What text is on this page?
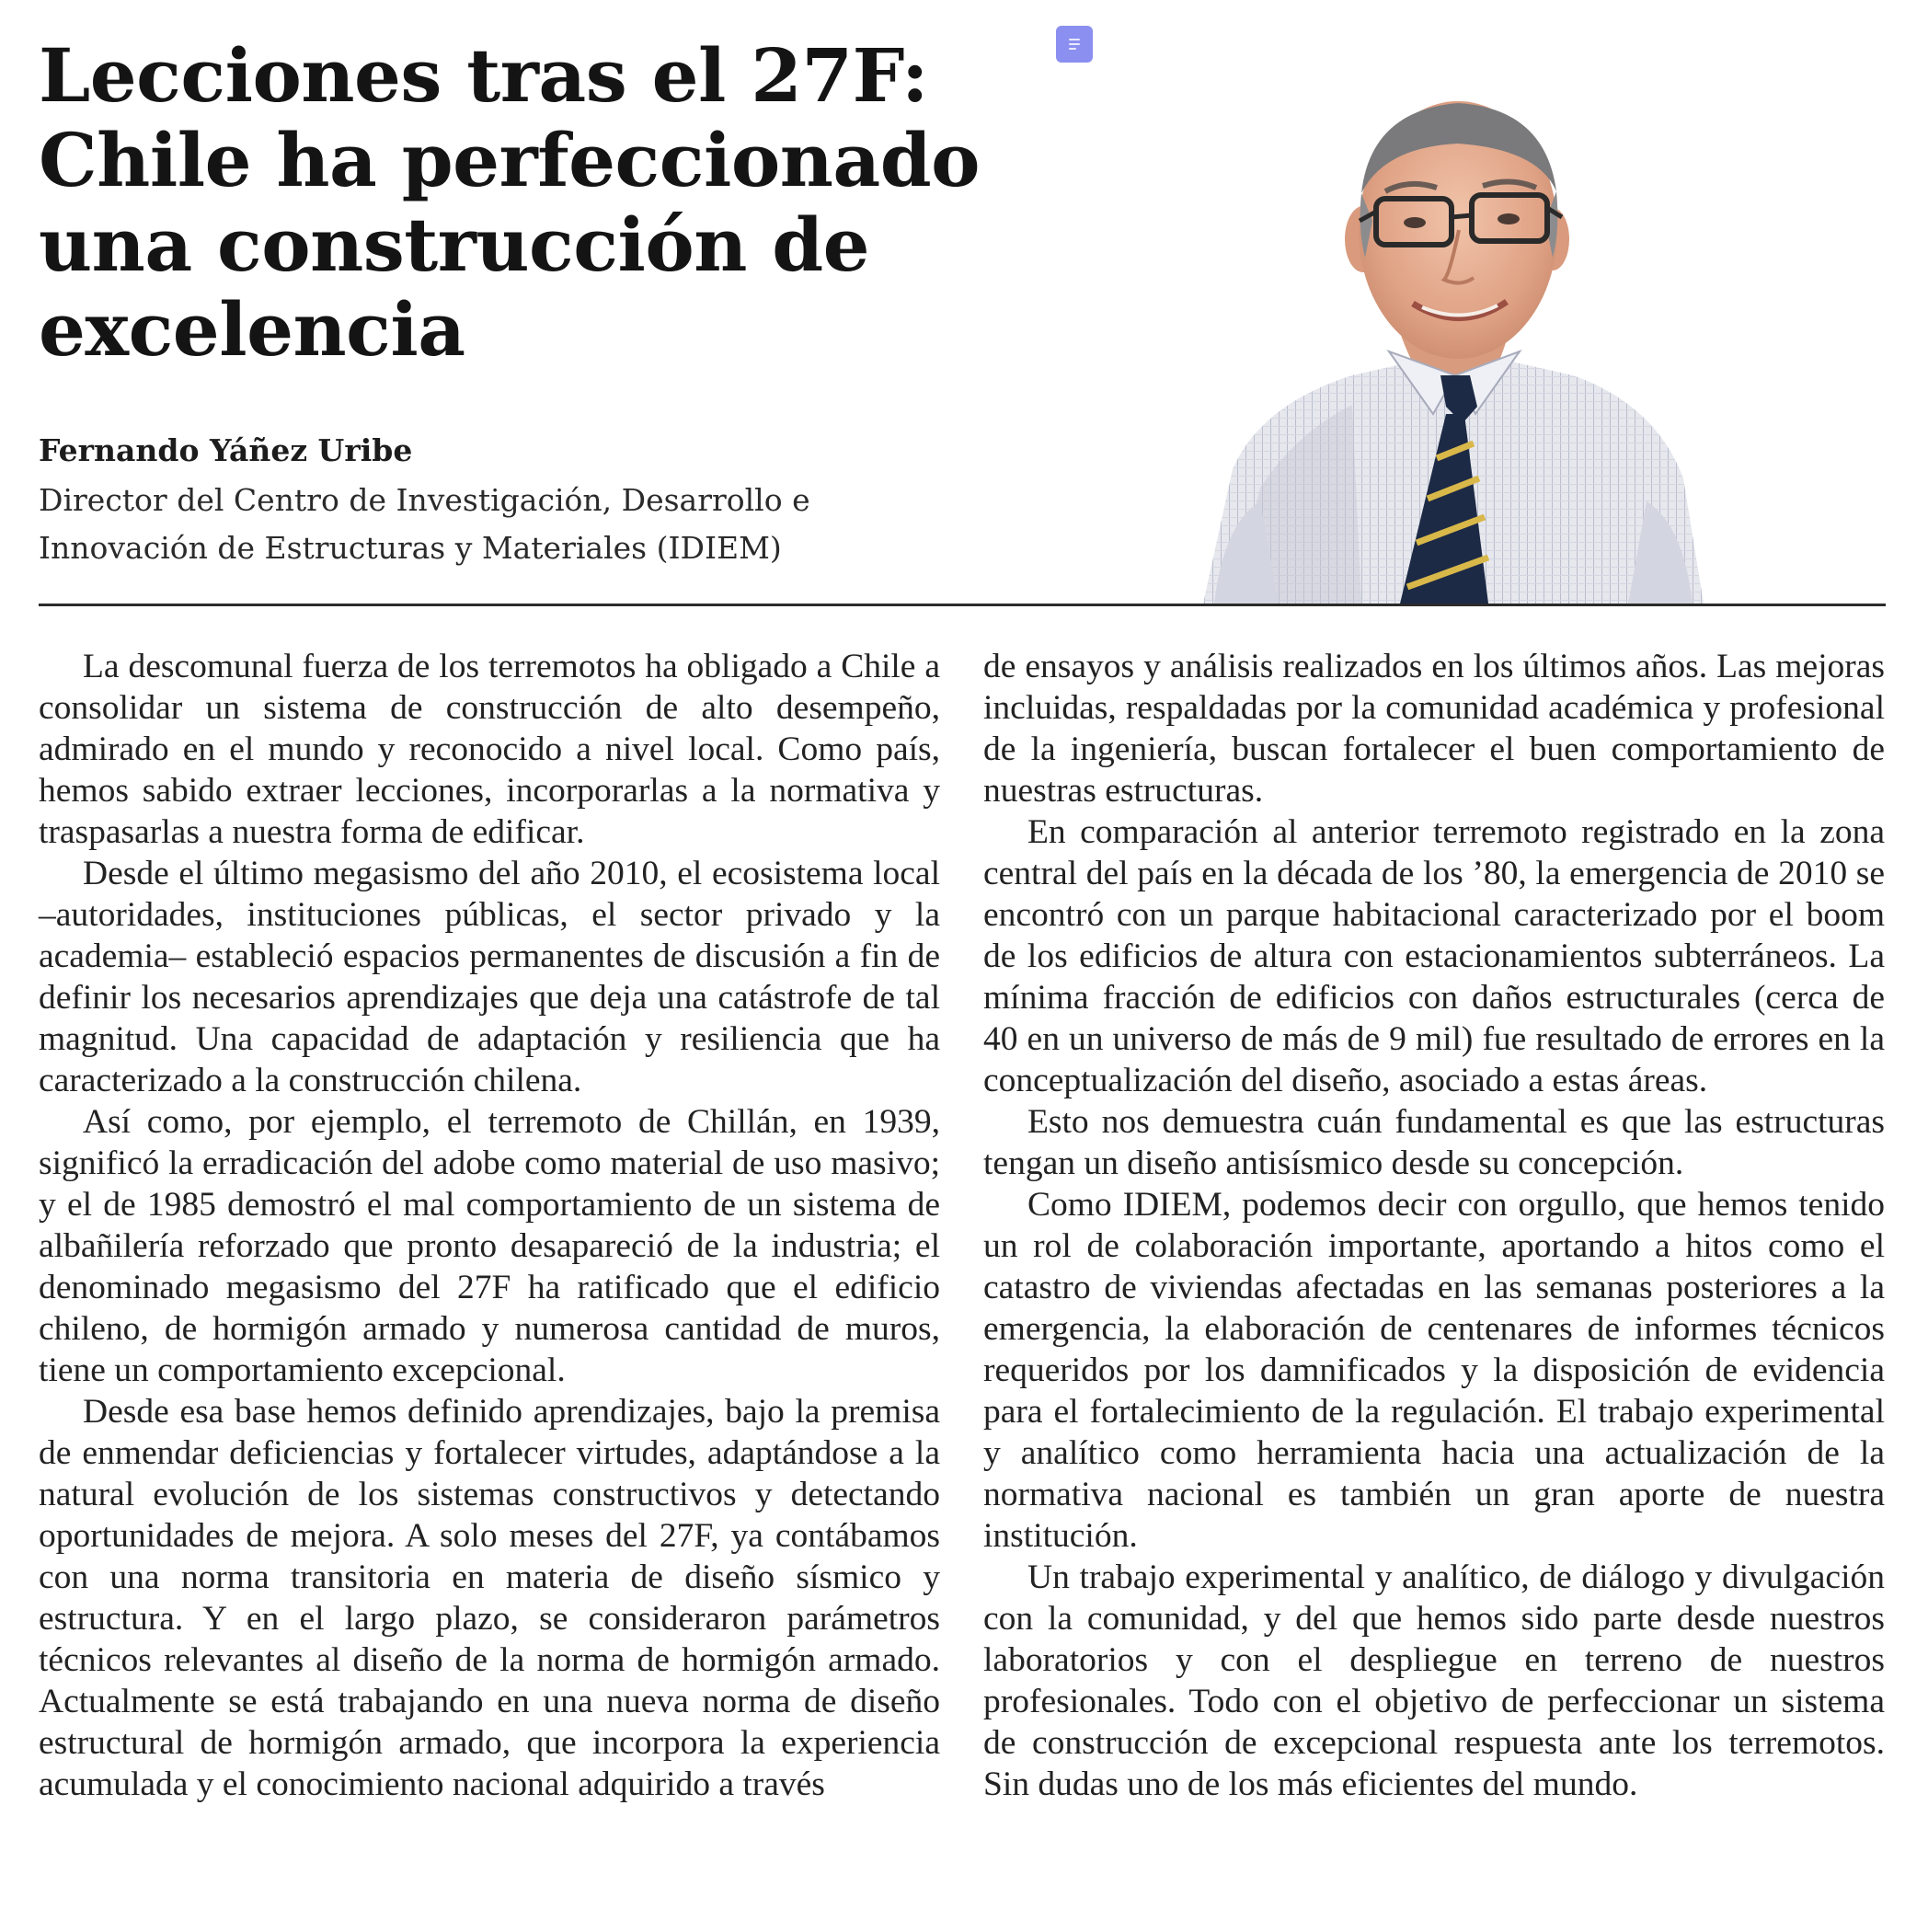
Lecciones tras el 27F: Chile ha perfeccionado una construcción de excelencia
Fernando Yáñez Uribe
Director del Centro de Investigación, Desarrollo e Innovación de Estructuras y Materiales (IDIEM)

La descomunal fuerza de los terremotos ha obligado a Chile a consolidar un sistema de construcción de alto desempeño, admirado en el mundo y reconocido a nivel local. Como país, hemos sabido extraer lecciones, incorporarlas a la normativa y traspasarlas a nuestra forma de edificar.

Desde el último megasismo del año 2010, el ecosistema local –autoridades, instituciones públicas, el sector privado y la academia– estableció espacios permanentes de discusión a fin de definir los necesarios aprendizajes que deja una catástrofe de tal magnitud. Una capacidad de adaptación y resiliencia que ha caracterizado a la construcción chilena.

Así como, por ejemplo, el terremoto de Chillán, en 1939, significó la erradicación del adobe como material de uso masivo; y el de 1985 demostró el mal comportamiento de un sistema de albañilería reforzado que pronto desapareció de la industria; el denominado megasismo del 27F ha ratificado que el edificio chileno, de hormigón armado y numerosa cantidad de muros, tiene un comportamiento excepcional.

Desde esa base hemos definido aprendizajes, bajo la premisa de enmendar deficiencias y fortalecer virtudes, adaptándose a la natural evolución de los sistemas constructivos y detectando oportunidades de mejora. A solo meses del 27F, ya contábamos con una norma transitoria en materia de diseño sísmico y estructura. Y en el largo plazo, se consideraron parámetros técnicos relevantes al diseño de la norma de hormigón armado. Actualmente se está trabajando en una nueva norma de diseño estructural de hormigón armado, que incorpora la experiencia acumulada y el conocimiento nacional adquirido a través

de ensayos y análisis realizados en los últimos años. Las mejoras incluidas, respaldadas por la comunidad académica y profesional de la ingeniería, buscan fortalecer el buen comportamiento de nuestras estructuras.

En comparación al anterior terremoto registrado en la zona central del país en la década de los ’80, la emergencia de 2010 se encontró con un parque habitacional caracterizado por el boom de los edificios de altura con estacionamientos subterráneos. La mínima fracción de edificios con daños estructurales (cerca de 40 en un universo de más de 9 mil) fue resultado de errores en la conceptualización del diseño, asociado a estas áreas.

Esto nos demuestra cuán fundamental es que las estructuras tengan un diseño antisísmico desde su concepción.

Como IDIEM, podemos decir con orgullo, que hemos tenido un rol de colaboración importante, aportando a hitos como el catastro de viviendas afectadas en las semanas posteriores a la emergencia, la elaboración de centenares de informes técnicos requeridos por los damnificados y la disposición de evidencia para el fortalecimiento de la regulación. El trabajo experimental y analítico como herramienta hacia una actualización de la normativa nacional es también un gran aporte de nuestra institución.

Un trabajo experimental y analítico, de diálogo y divulgación con la comunidad, y del que hemos sido parte desde nuestros laboratorios y con el despliegue en terreno de nuestros profesionales. Todo con el objetivo de perfeccionar un sistema de construcción de excepcional respuesta ante los terremotos. Sin dudas uno de los más eficientes del mundo.
